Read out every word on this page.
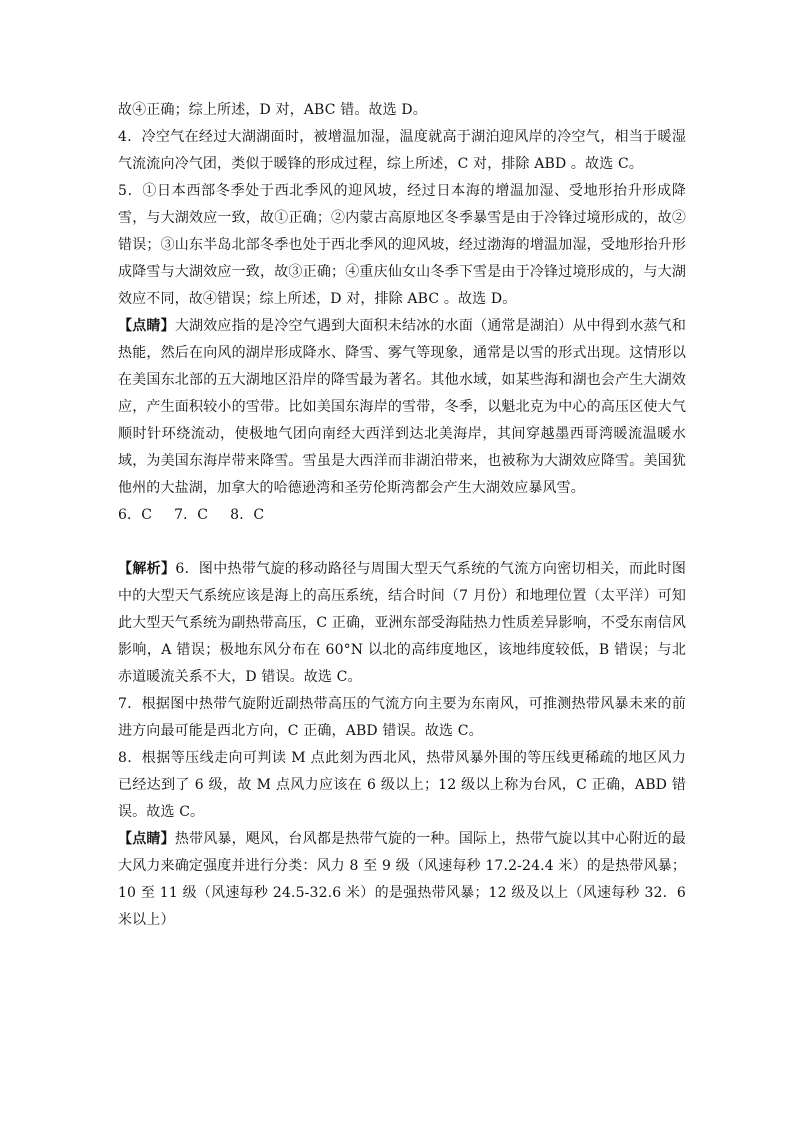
故④正确；综上所述，D 对，ABC 错。故选 D。

4．冷空气在经过大湖湖面时，被增温加湿，温度就高于湖泊迎风岸的冷空气，相当于暖湿气流流向冷气团，类似于暖锋的形成过程，综上所述，C 对，排除 ABD 。故选 C。

5．①日本西部冬季处于西北季风的迎风坡，经过日本海的增温加湿、受地形抬升形成降雪，与大湖效应一致，故①正确；②内蒙古高原地区冬季暴雪是由于冷锋过境形成的，故②错误；③山东半岛北部冬季也处于西北季风的迎风坡，经过渤海的增温加湿，受地形抬升形成降雪与大湖效应一致，故③正确；④重庆仙女山冬季下雪是由于冷锋过境形成的，与大湖效应不同，故④错误；综上所述，D 对，排除 ABC 。故选 D。

【点睛】大湖效应指的是冷空气遇到大面积未结冰的水面（通常是湖泊）从中得到水蒸气和热能，然后在向风的湖岸形成降水、降雪、雾气等现象，通常是以雪的形式出现。这情形以在美国东北部的五大湖地区沿岸的降雪最为著名。其他水域，如某些海和湖也会产生大湖效应，产生面积较小的雪带。比如美国东海岸的雪带，冬季，以魁北克为中心的高压区使大气顺时针环绕流动，使极地气团向南经大西洋到达北美海岸，其间穿越墨西哥湾暖流温暖水域，为美国东海岸带来降雪。雪虽是大西洋而非湖泊带来，也被称为大湖效应降雪。美国犹他州的大盐湖，加拿大的哈德逊湾和圣劳伦斯湾都会产生大湖效应暴风雪。

6．C 7．C 8．C

【解析】6．图中热带气旋的移动路径与周围大型天气系统的气流方向密切相关，而此时图中的大型天气系统应该是海上的高压系统，结合时间（7 月份）和地理位置（太平洋）可知此大型天气系统为副热带高压，C 正确，亚洲东部受海陆热力性质差异影响，不受东南信风影响，A 错误；极地东风分布在 60°N 以北的高纬度地区，该地纬度较低，B 错误；与北赤道暖流关系不大，D 错误。故选 C。

7．根据图中热带气旋附近副热带高压的气流方向主要为东南风，可推测热带风暴未来的前进方向最可能是西北方向，C 正确，ABD 错误。故选 C。

8．根据等压线走向可判读 M 点此刻为西北风，热带风暴外围的等压线更稀疏的地区风力已经达到了 6 级，故 M 点风力应该在 6 级以上；12 级以上称为台风，C 正确，ABD 错误。故选 C。

【点睛】热带风暴，飓风，台风都是热带气旋的一种。国际上，热带气旋以其中心附近的最大风力来确定强度并进行分类：风力 8 至 9 级（风速每秒 17.2-24.4 米）的是热带风暴；10 至 11 级（风速每秒 24.5-32.6 米）的是强热带风暴；12 级及以上（风速每秒 32．6 米以上）
